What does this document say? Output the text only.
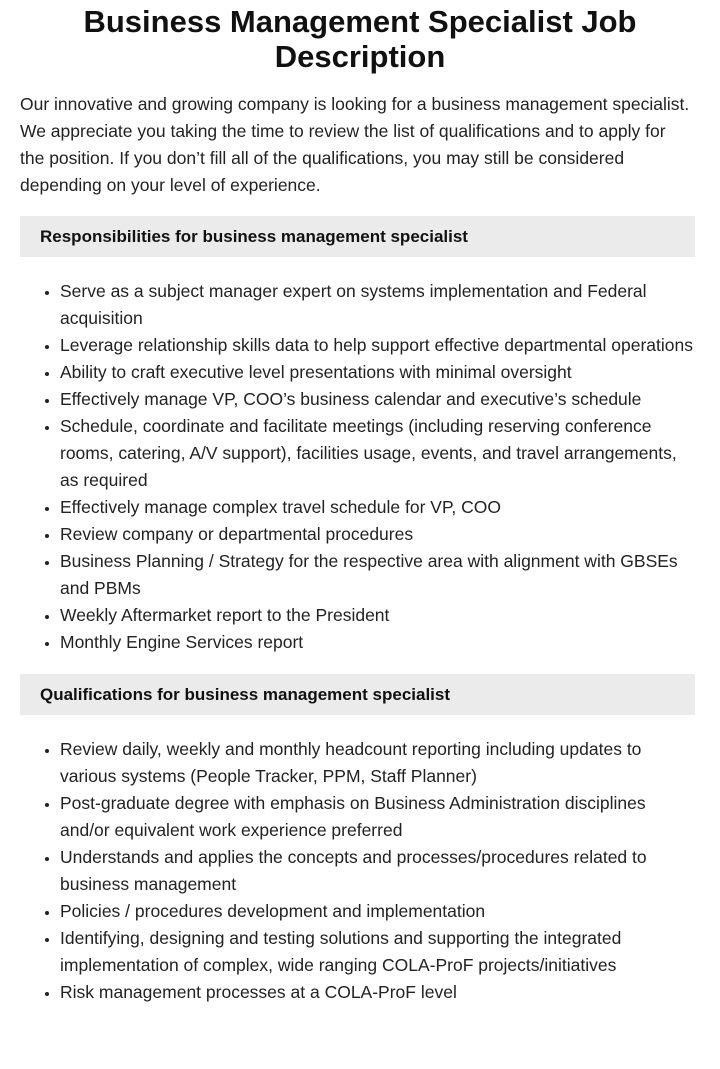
Business Management Specialist Job Description

Our innovative and growing company is looking for a business management specialist. We appreciate you taking the time to review the list of qualifications and to apply for the position. If you don’t fill all of the qualifications, you may still be considered depending on your level of experience.

Responsibilities for business management specialist
• Serve as a subject manager expert on systems implementation and Federal acquisition
• Leverage relationship skills data to help support effective departmental operations
• Ability to craft executive level presentations with minimal oversight
• Effectively manage VP, COO’s business calendar and executive’s schedule
• Schedule, coordinate and facilitate meetings (including reserving conference rooms, catering, A/V support), facilities usage, events, and travel arrangements, as required
• Effectively manage complex travel schedule for VP, COO
• Review company or departmental procedures
• Business Planning / Strategy for the respective area with alignment with GBSEs and PBMs
• Weekly Aftermarket report to the President
• Monthly Engine Services report
Qualifications for business management specialist
• Review daily, weekly and monthly headcount reporting including updates to various systems (People Tracker, PPM, Staff Planner)
• Post-graduate degree with emphasis on Business Administration disciplines and/or equivalent work experience preferred
• Understands and applies the concepts and processes/procedures related to business management
• Policies / procedures development and implementation
• Identifying, designing and testing solutions and supporting the integrated implementation of complex, wide ranging COLA-ProF projects/initiatives
• Risk management processes at a COLA-ProF level
